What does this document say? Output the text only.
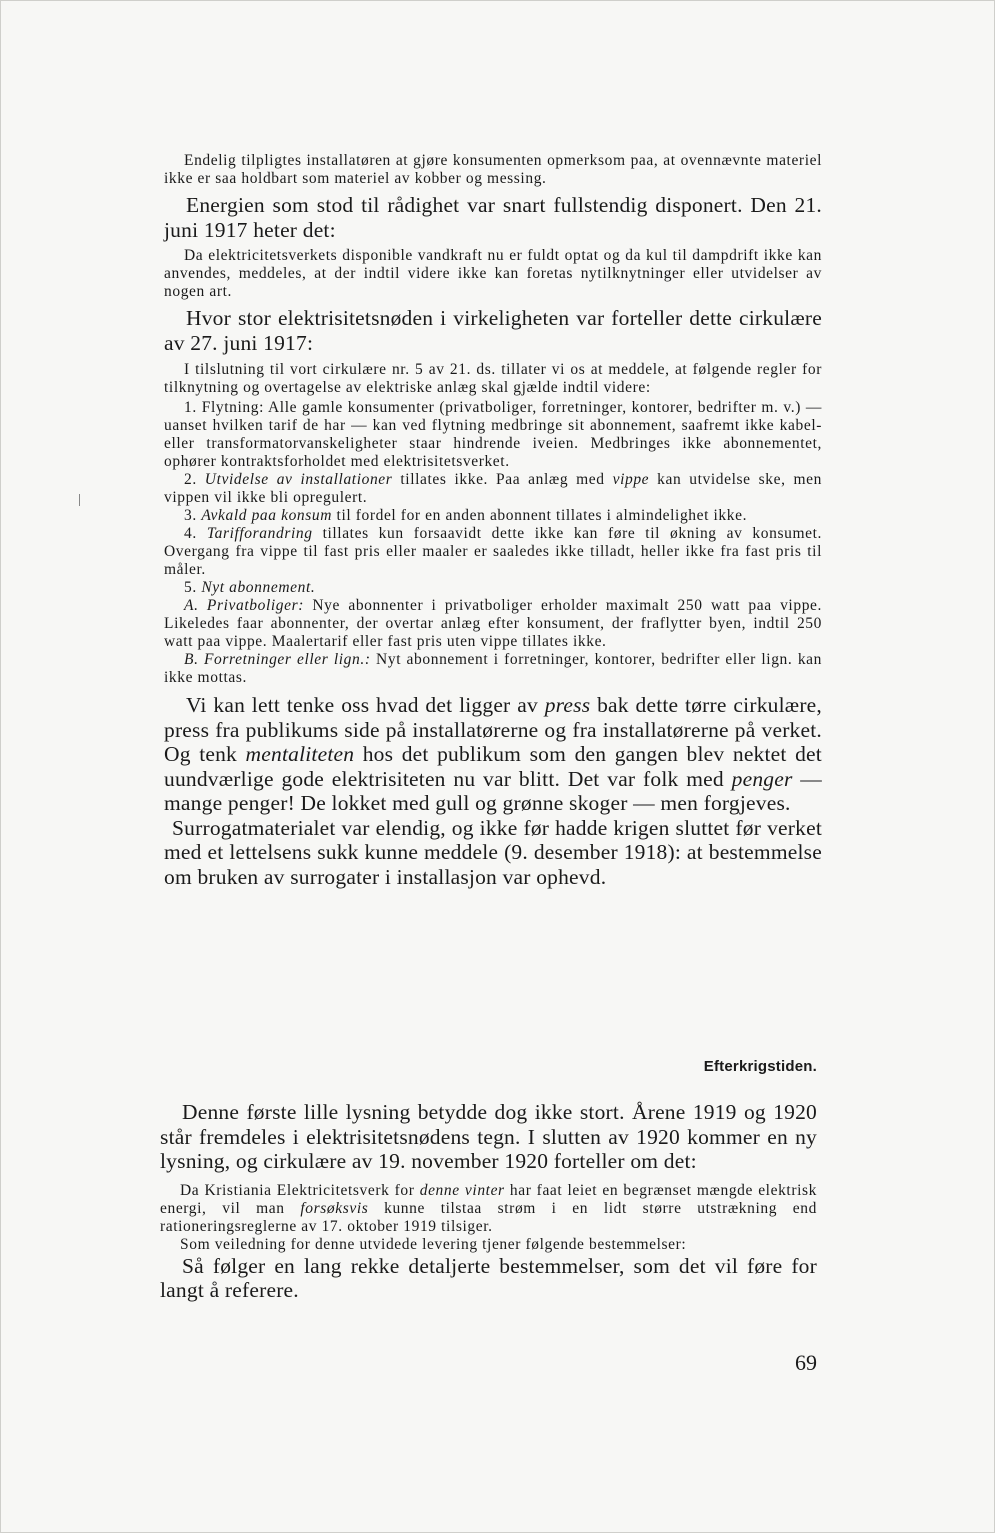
Endelig tilpligtes installatøren at gjøre konsumenten opmerksom paa, at ovennævnte materiel ikke er saa holdbart som materiel av kobber og messing.

Energien som stod til rådighet var snart fullstendig disponert. Den 21. juni 1917 heter det:

Da elektricitetsverkets disponible vandkraft nu er fuldt optat og da kul til dampdrift ikke kan anvendes, meddeles, at der indtil videre ikke kan foretas nytilknytninger eller utvidelser av nogen art.

Hvor stor elektrisitetsnøden i virkeligheten var forteller dette cirkulære av 27. juni 1917:

I tilslutning til vort cirkulære nr. 5 av 21. ds. tillater vi os at meddele, at følgende regler for tilknytning og overtagelse av elektriske anlæg skal gjælde indtil videre:

1. Flytning: Alle gamle konsumenter (privatboliger, forretninger, kontorer, bedrifter m. v.) — uanset hvilken tarif de har — kan ved flytning medbringe sit abonnement, saafremt ikke kabel- eller transformatorvanskeligheter staar hindrende iveien. Medbringes ikke abonnementet, ophører kontraktsforholdet med elektrisitetsverket.

2. Utvidelse av installationer tillates ikke. Paa anlæg med vippe kan utvidelse ske, men vippen vil ikke bli opregulert.

3. Avkald paa konsum til fordel for en anden abonnent tillates i almindelighet ikke.

4. Tarifforandring tillates kun forsaavidt dette ikke kan føre til økning av konsumet. Overgang fra vippe til fast pris eller maaler er saaledes ikke tilladt, heller ikke fra fast pris til måler.

5. Nyt abonnement.

A. Privatboliger: Nye abonnenter i privatboliger erholder maximalt 250 watt paa vippe. Likeledes faar abonnenter, der overtar anlæg efter konsument, der fraflytter byen, indtil 250 watt paa vippe. Maalertarif eller fast pris uten vippe tillates ikke.

B. Forretninger eller lign.: Nyt abonnement i forretninger, kontorer, bedrifter eller lign. kan ikke mottas.

Vi kan lett tenke oss hvad det ligger av press bak dette tørre cirkulære, press fra publikums side på installatørerne og fra installatørerne på verket. Og tenk mentaliteten hos det publikum som den gangen blev nektet det uundværlige gode elektrisiteten nu var blitt. Det var folk med penger — mange penger! De lokket med gull og grønne skoger — men forgjeves.

Surrogatmaterialet var elendig, og ikke før hadde krigen sluttet før verket med et lettelsens sukk kunne meddele (9. desember 1918): at bestemmelse om bruken av surrogater i installasjon var ophevd.

Efterkrigstiden.

Denne første lille lysning betydde dog ikke stort. Årene 1919 og 1920 står fremdeles i elektrisitetsnødens tegn. I slutten av 1920 kommer en ny lysning, og cirkulære av 19. november 1920 forteller om det:

Da Kristiania Elektricitetsverk for denne vinter har faat leiet en begrænset mængde elektrisk energi, vil man forsøksvis kunne tilstaa strøm i en lidt større utstrækning end rationeringsreglerne av 17. oktober 1919 tilsiger.

Som veiledning for denne utvidede levering tjener følgende bestemmelser:

Så følger en lang rekke detaljerte bestemmelser, som det vil føre for langt å referere.

69
